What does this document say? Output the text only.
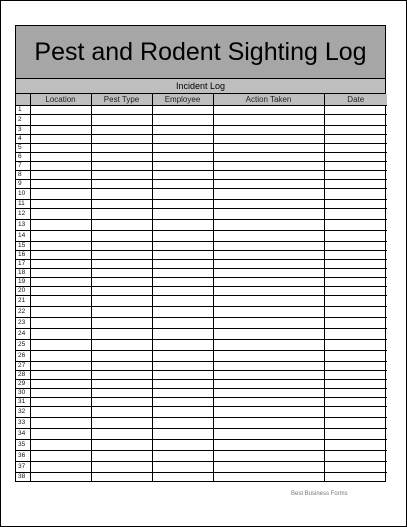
Pest and Rodent Sighting Log
Incident Log
	Location	Pest Type	Employee	Action Taken	Date
1					
2					
3					
4					
5					
6					
7					
8					
9					
10					
11					
12					
13					
14					
15					
16					
17					
18					
19					
20					
21					
22					
23					
24					
25					
26					
27					
28					
29					
30					
31					
32					
33					
34					
35					
36					
37					
38					
Best Business Forms
